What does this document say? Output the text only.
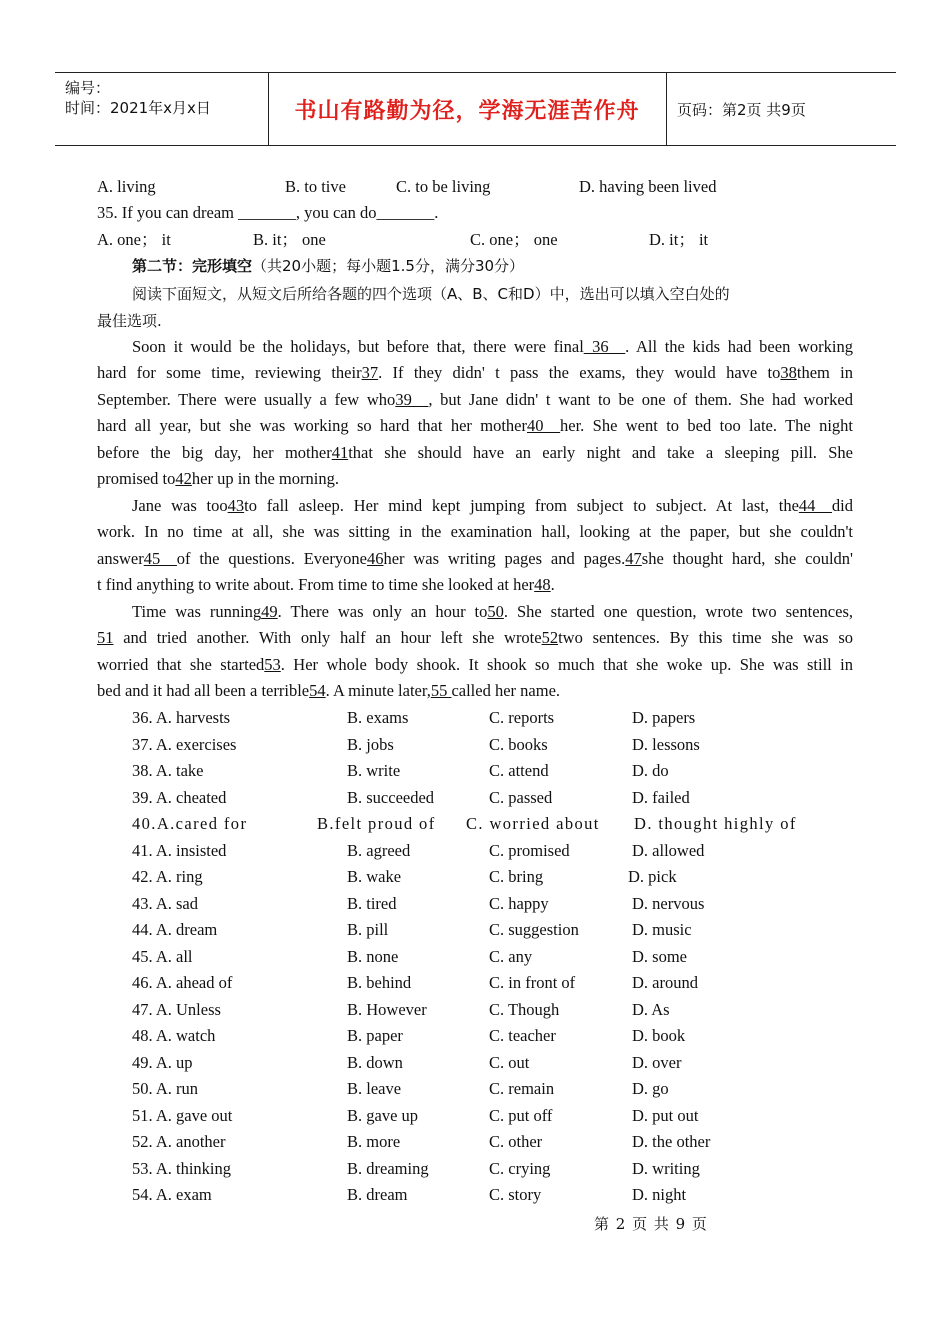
编号：
时间：2021年x月x日	书山有路勤为径，学海无涯苦作舟	页码：第2页 共9页
A. living	B. to tive	C. to be living	D. having been lived
35. If you can dream _______, you can do_______.
A. one； it	B. it； one	C. one； one	D. it； it
第二节：完形填空（共20小题；每小题1.5分，满分30分）
阅读下面短文，从短文后所给各题的四个选项（A、B、C和D）中，选出可以填入空白处的
最佳选项.
Soon it would be the holidays, but before that, there were final_36__. All the kids had been working
hard for some time, reviewing their37. If they didn' t pass the exams, they would have to38them in
September. There were usually a few who39__, but Jane didn' t want to be one of them. She had worked
hard all year, but she was working so hard that her mother40__her. She went to bed too late. The night
before the big day, her mother41that she should have an early night and take a sleeping pill. She
promised to42her up in the morning.
Jane was too43to fall asleep. Her mind kept jumping from subject to subject. At last, the44__did
work. In no time at all, she was sitting in the examination hall, looking at the paper, but she couldn't
answer45__of the questions. Everyone46her was writing pages and pages.47she thought hard, she couldn'
t find anything to write about. From time to time she looked at her48.
Time was running49. There was only an hour to50. She started one question, wrote two sentences,
51 and tried another. With only half an hour left she wrote52two sentences. By this time she was so
worried that she started53. Her whole body shook. It shook so much that she woke up. She was still in
bed and it had all been a terrible54. A minute later,55 called her name.
36. A. harvests	B. exams	C. reports	D. papers
37. A. exercises	B. jobs	C. books	D. lessons
38. A. take	B. write	C. attend	D. do
39. A. cheated	B. succeeded	C. passed	D. failed
40.A.cared for	B.felt proud of C. worried about D. thought highly of
41. A. insisted	B. agreed	C. promised	D. allowed
42. A. ring	B. wake	C. bring	D. pick
43. A. sad	B. tired	C. happy	D. nervous
44. A. dream	B. pill	C. suggestion	D. music
45. A. all	B. none	C. any	D. some
46. A. ahead of	B. behind	C. in front of	D. around
47. A. Unless	B. However	C. Though	D. As
48. A. watch	B. paper	C. teacher	D. book
49. A. up	B. down	C. out	D. over
50. A. run	B. leave	C. remain	D. go
51. A. gave out	B. gave up	C. put off	D. put out
52. A. another	B. more	C. other	D. the other
53. A. thinking	B. dreaming	C. crying	D. writing
54. A. exam	B. dream	C. story	D. night
第 2 页 共 9 页
